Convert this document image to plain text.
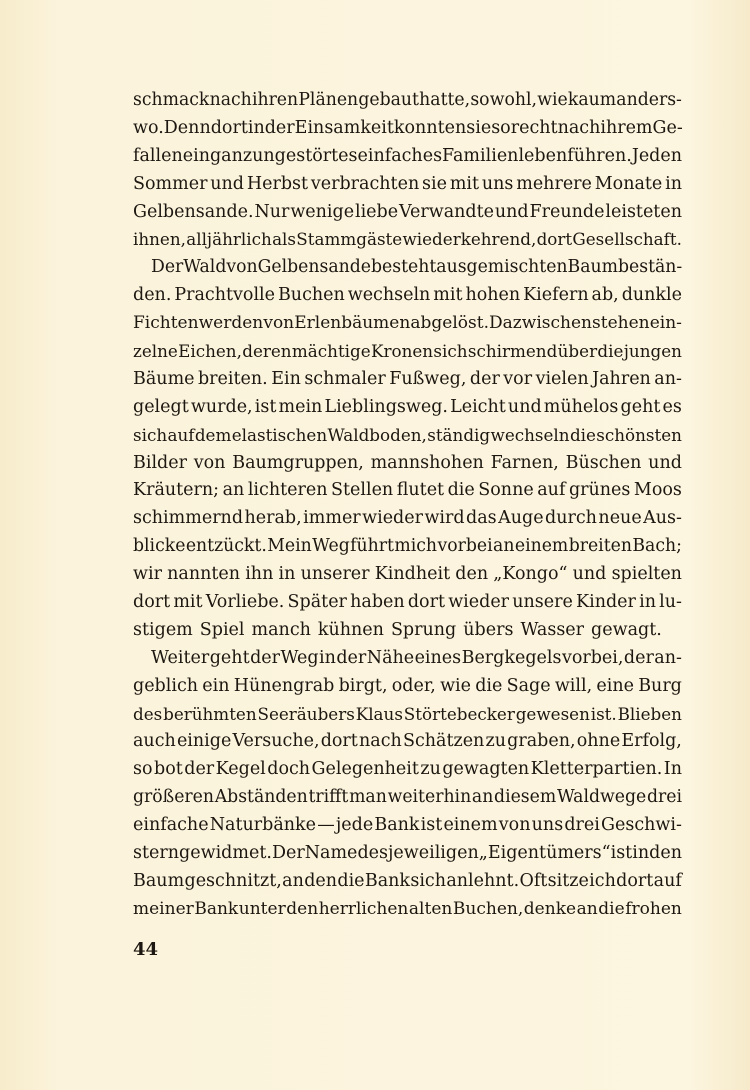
schmack nach ihren Plänen gebaut hatte, so wohl, wie kaum anders-
wo. Denn dort in der Einsamkeit konnten sie so recht nach ihrem Ge-
fallen ein ganz ungestörtes einfaches Familienleben führen. Jeden
Sommer und Herbst verbrachten sie mit uns mehrere Monate in
Gelbensande. Nur wenige liebe Verwandte und Freunde leisteten
ihnen, alljährlich als Stammgäste wiederkehrend, dort Gesellschaft.
Der Wald von Gelbensande besteht aus gemischten Baumbestän-
den. Prachtvolle Buchen wechseln mit hohen Kiefern ab, dunkle
Fichten werden von Erlenbäumen abgelöst. Dazwischen stehen ein-
zelne Eichen, deren mächtige Kronen sich schirmend über die jungen
Bäume breiten. Ein schmaler Fußweg, der vor vielen Jahren an-
gelegt wurde, ist mein Lieblingsweg. Leicht und mühelos geht es
sich auf dem elastischen Waldboden, ständig wechseln die schönsten
Bilder von Baumgruppen, mannshohen Farnen, Büschen und
Kräutern; an lichteren Stellen flutet die Sonne auf grünes Moos
schimmernd herab, immer wieder wird das Auge durch neue Aus-
blicke entzückt. Mein Weg führt mich vorbei an einem breiten Bach;
wir nannten ihn in unserer Kindheit den „Kongo“ und spielten
dort mit Vorliebe. Später haben dort wieder unsere Kinder in lu-
stigem Spiel manch kühnen Sprung übers Wasser gewagt.
Weiter geht der Weg in der Nähe eines Bergkegels vorbei, der an-
geblich ein Hünengrab birgt, oder, wie die Sage will, eine Burg
des berühmten Seeräubers Klaus Störtebecker gewesen ist. Blieben
auch einige Versuche, dort nach Schätzen zu graben, ohne Erfolg,
so bot der Kegel doch Gelegenheit zu gewagten Kletterpartien. In
größeren Abständen trifft man weiterhin an diesem Waldwege drei
einfache Naturbänke — jede Bank ist einem von uns drei Geschwi-
stern gewidmet. Der Name des jeweiligen „Eigentümers“ ist in den
Baum geschnitzt, an den die Bank sich anlehnt. Oft sitze ich dort auf
meiner Bank unter den herrlichen alten Buchen, denke an die frohen
44
